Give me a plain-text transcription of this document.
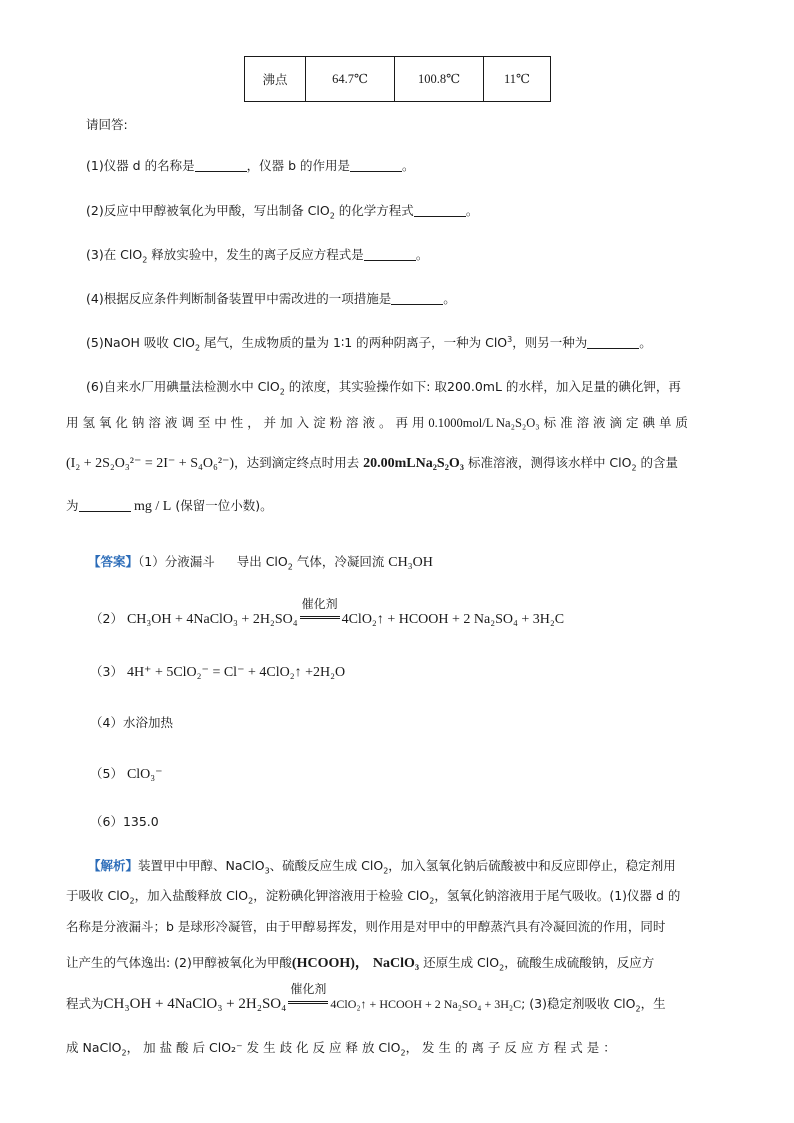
沸点	64.7℃	100.8℃	11℃
请回答:
(1)仪器 d 的名称是	，仪器 b 的作用是	。
(2)反应中甲醇被氧化为甲酸，写出制备 ClO$_2$ 的化学方程式	。
(3)在 ClO$_2$ 释放实验中，发生的离子反应方程式是	。
(4)根据反应条件判断制备装置甲中需改进的一项措施是	。
(5)NaOH 吸收 ClO$_2$ 尾气，生成物质的量为 1∶1 的两种阴离子，一种为 ClO$^3$，则另一种为	。
(6)自来水厂用碘量法检测水中 ClO$_2$ 的浓度，其实验操作如下: 取200.0mL 的水样，加入足量的碘化钾，再
用 氢 氧 化 钠 溶 液 调 至 中 性 ， 并 加 入 淀 粉 溶 液 。 再 用 0.1000mol/L Na₂S₂O₃ 标 准 溶 液 滴 定 碘 单 质
(I₂ + 2S₂O₃²⁻ = 2I⁻ + S₄O₆²⁻)，达到滴定终点时用去 20.00mLNa₂S₂O₃ 标准溶液，测得该水样中 ClO$_2$ 的含量
为	mg / L (保留一位小数)。
【答案】（1）分液漏斗 导出 ClO$_2$ 气体，冷凝回流 CH₃OH
（2） CH₃OH + 4NaClO₃ + 2H₂SO₄
催化剂
4ClO₂↑ + HCOOH + 2 Na₂SO₄ + 3H₂C
（3） 4H⁺ + 5ClO₂⁻ = Cl⁻ + 4ClO₂↑ +2H₂O
（4）水浴加热
（5） ClO₃⁻
（6）135.0
【解析】装置甲中甲醇、NaClO$_3$、硫酸反应生成 ClO$_2$，加入氢氧化钠后硫酸被中和反应即停止，稳定剂用
于吸收 ClO$_2$，加入盐酸释放 ClO$_2$，淀粉碘化钾溶液用于检验 ClO$_2$，氢氧化钠溶液用于尾气吸收。(1)仪器 d 的
名称是分液漏斗；b 是球形冷凝管，由于甲醇易挥发，则作用是对甲中的甲醇蒸汽具有冷凝回流的作用，同时
让产生的气体逸出: (2)甲醇被氧化为甲酸(HCOOH)， NaClO₃ 还原生成 ClO$_2$，硫酸生成硫酸钠，反应方
程式为CH₃OH + 4NaClO₃ + 2H₂SO₄
催化剂
4ClO₂↑ + HCOOH + 2 Na₂SO₄ + 3H₂C; (3)稳定剂吸收 ClO$_2$，生
成 NaClO$_2$， 加 盐 酸 后 ClO₂⁻ 发 生 歧 化 反 应 释 放 ClO$_2$， 发 生 的 离 子 反 应 方 程 式 是 ：
